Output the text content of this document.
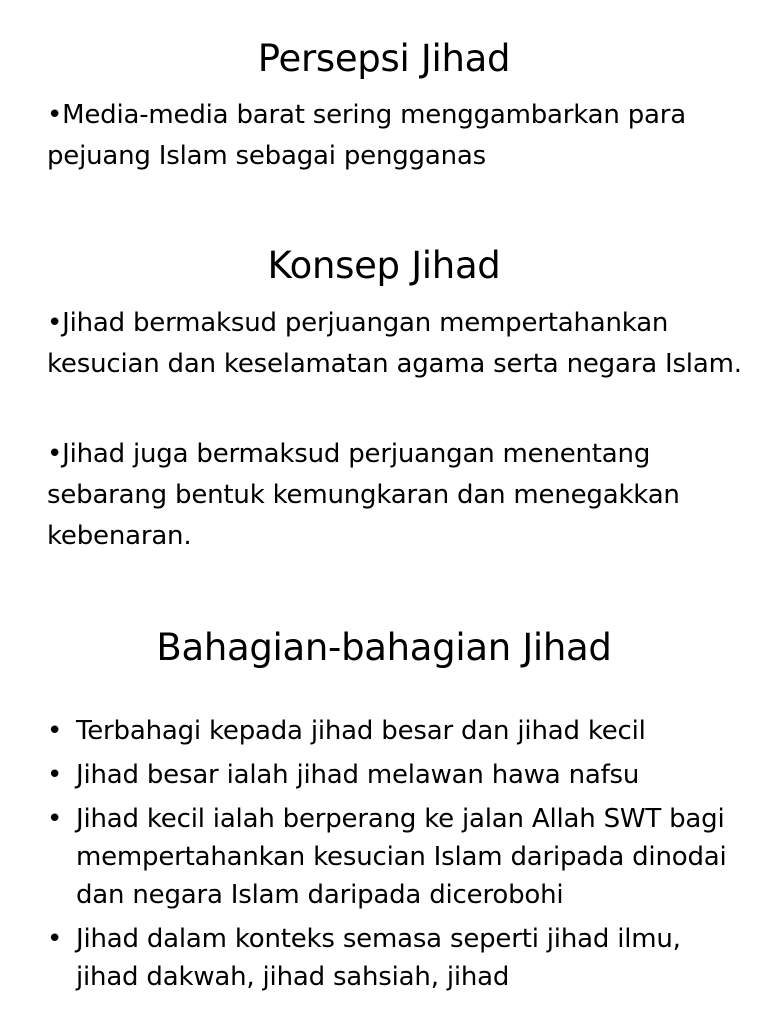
Persepsi Jihad
•Media-media barat sering menggambarkan para pejuang Islam sebagai pengganas
Konsep Jihad
•Jihad bermaksud perjuangan mempertahankan kesucian dan keselamatan agama serta negara Islam.
•Jihad juga bermaksud perjuangan menentang sebarang bentuk kemungkaran dan menegakkan kebenaran.
Bahagian-bahagian Jihad
• Terbahagi kepada jihad besar dan jihad kecil
• Jihad besar ialah jihad melawan hawa nafsu
• Jihad kecil ialah berperang ke jalan Allah SWT bagi mempertahankan kesucian Islam daripada dinodai dan negara Islam daripada dicerobohi
• Jihad dalam konteks semasa seperti jihad ilmu, jihad dakwah, jihad sahsiah, jihad
